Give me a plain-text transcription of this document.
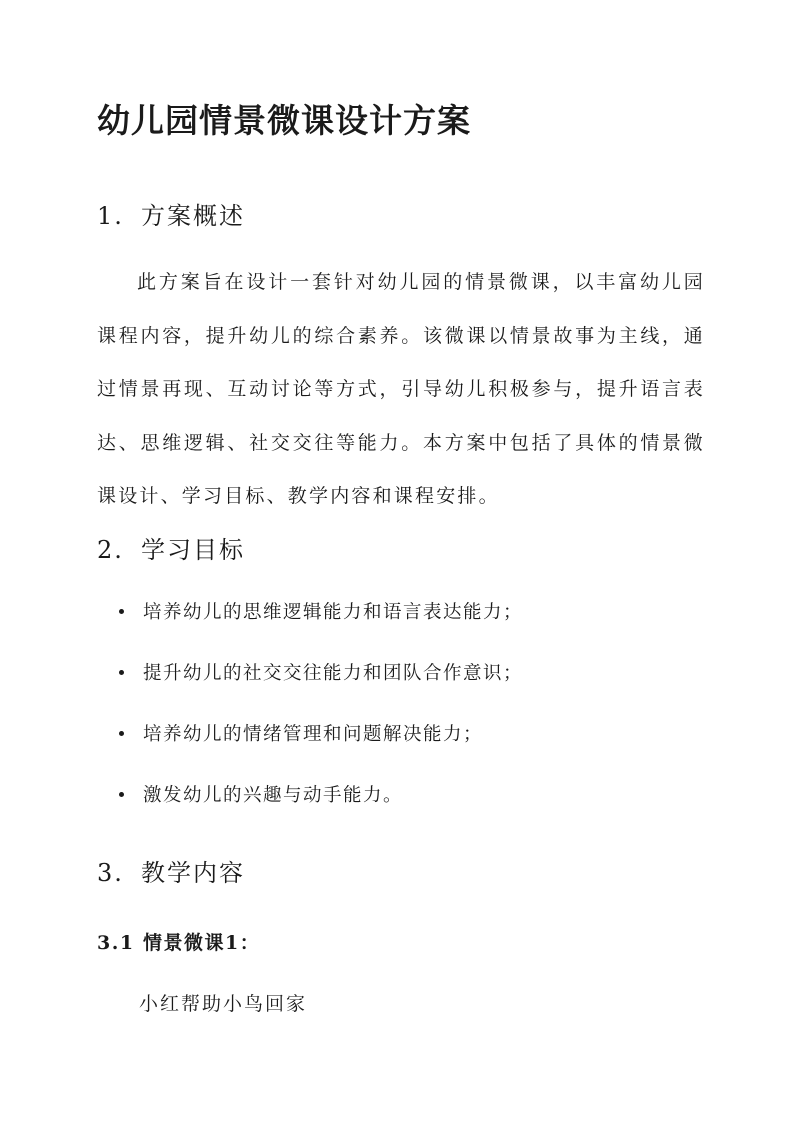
幼儿园情景微课设计方案
1. 方案概述

此方案旨在设计一套针对幼儿园的情景微课，以丰富幼儿园课程内容，提升幼儿的综合素养。该微课以情景故事为主线，通过情景再现、互动讨论等方式，引导幼儿积极参与，提升语言表达、思维逻辑、社交交往等能力。本方案中包括了具体的情景微课设计、学习目标、教学内容和课程安排。

2. 学习目标
培养幼儿的思维逻辑能力和语言表达能力；
提升幼儿的社交交往能力和团队合作意识；
培养幼儿的情绪管理和问题解决能力；
激发幼儿的兴趣与动手能力。
3. 教学内容
3.1 情景微课1：
小红帮助小鸟回家
